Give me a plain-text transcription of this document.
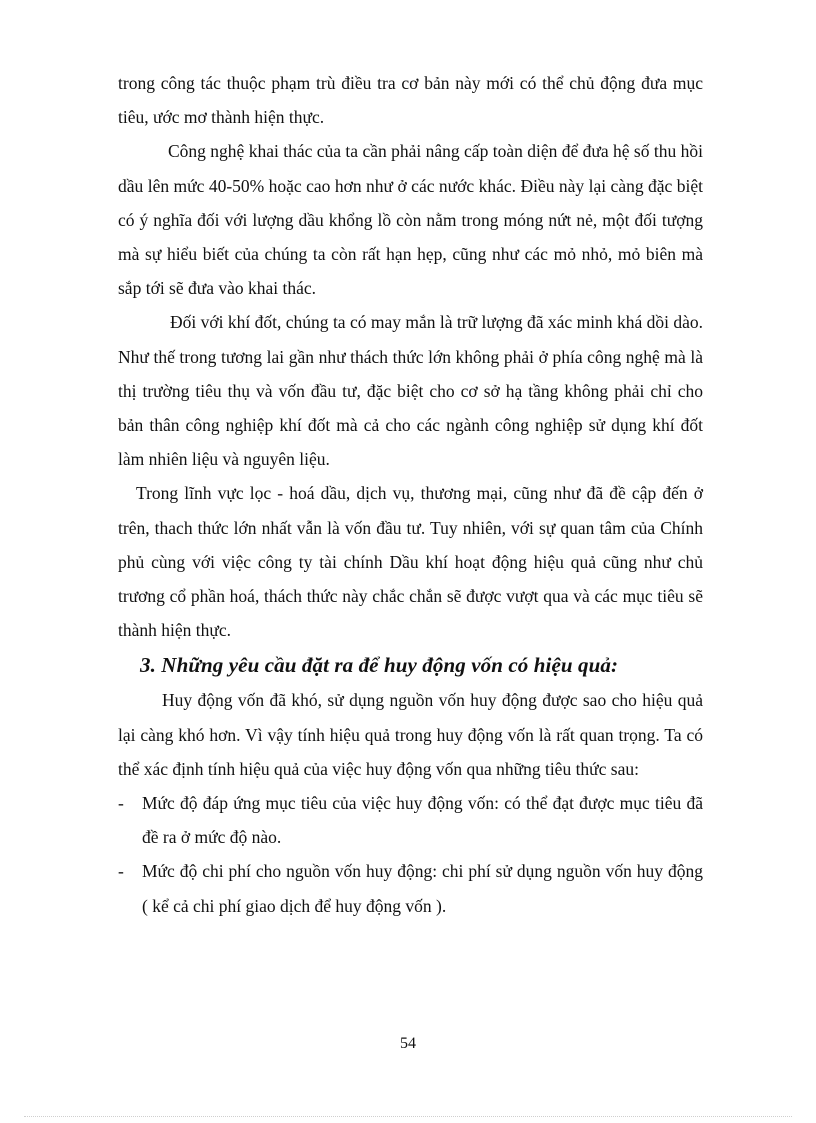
trong công tác thuộc phạm trù điều tra cơ bản này mới có thể chủ động đưa mục tiêu, ước mơ thành hiện thực.

Công nghệ khai thác của ta cần phải nâng cấp toàn diện để đưa hệ số thu hồi dầu lên mức 40-50% hoặc cao hơn như ở các nước khác. Điều này lại càng đặc biệt có ý nghĩa đối với lượng dầu khổng lồ còn nằm trong móng nứt nẻ, một đối tượng mà sự hiểu biết của chúng ta còn rất hạn hẹp, cũng như các mỏ nhỏ, mỏ biên mà sắp tới sẽ đưa vào khai thác.

Đối với khí đốt, chúng ta có may mắn là trữ lượng đã xác minh khá dồi dào. Như thế trong tương lai gần như thách thức lớn không phải ở phía công nghệ mà là thị trường tiêu thụ và vốn đầu tư, đặc biệt cho cơ sở hạ tầng không phải chỉ cho bản thân công nghiệp khí đốt mà cả cho các ngành công nghiệp sử dụng khí đốt làm nhiên liệu và nguyên liệu.

Trong lĩnh vực lọc - hoá dầu, dịch vụ, thương mại, cũng như đã đề cập đến ở trên, thach thức lớn nhất vẫn là vốn đầu tư. Tuy nhiên, với sự quan tâm của Chính phủ cùng với việc công ty tài chính Dầu khí hoạt động hiệu quả cũng như chủ trương cổ phần hoá, thách thức này chắc chắn sẽ được vượt qua và các mục tiêu sẽ thành hiện thực.

3. Những yêu cầu đặt ra để huy động vốn có hiệu quả:

Huy động vốn đã khó, sử dụng nguồn vốn huy động được sao cho hiệu quả lại càng khó hơn. Vì vậy tính hiệu quả trong huy động vốn là rất quan trọng. Ta có thể xác định tính hiệu quả của việc huy động vốn qua những tiêu thức sau:

- Mức độ đáp ứng mục tiêu của việc huy động vốn: có thể đạt được mục tiêu đã đề ra ở mức độ nào.
- Mức độ chi phí cho nguồn vốn huy động: chi phí sử dụng nguồn vốn huy động ( kể cả chi phí giao dịch để huy động vốn ).
54
